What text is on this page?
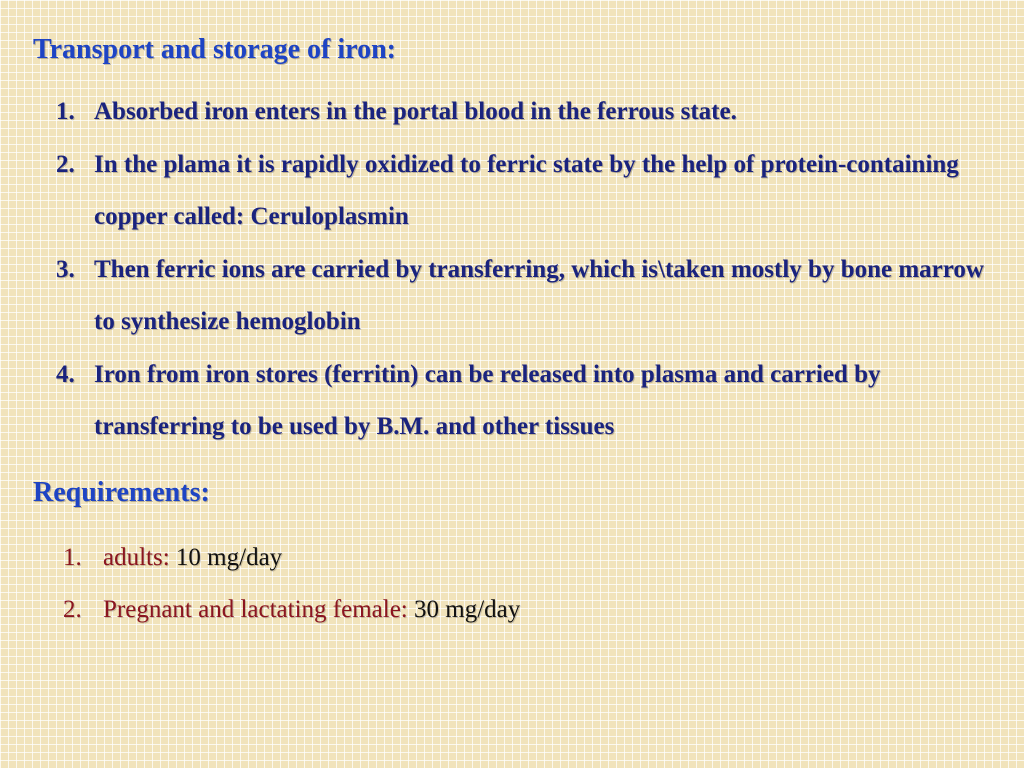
Transport and storage of iron:
1. Absorbed iron enters in the portal blood in the ferrous state.
2. In the plama it is rapidly oxidized to ferric state by the help of protein-containing copper called: Ceruloplasmin
3. Then ferric ions are carried by transferring, which is\taken mostly by bone marrow to synthesize hemoglobin
4. Iron from iron stores (ferritin) can be released into plasma and carried by transferring to be used by B.M. and other tissues
Requirements:
1. adults: 10 mg/day
2. Pregnant and lactating female: 30 mg/day
